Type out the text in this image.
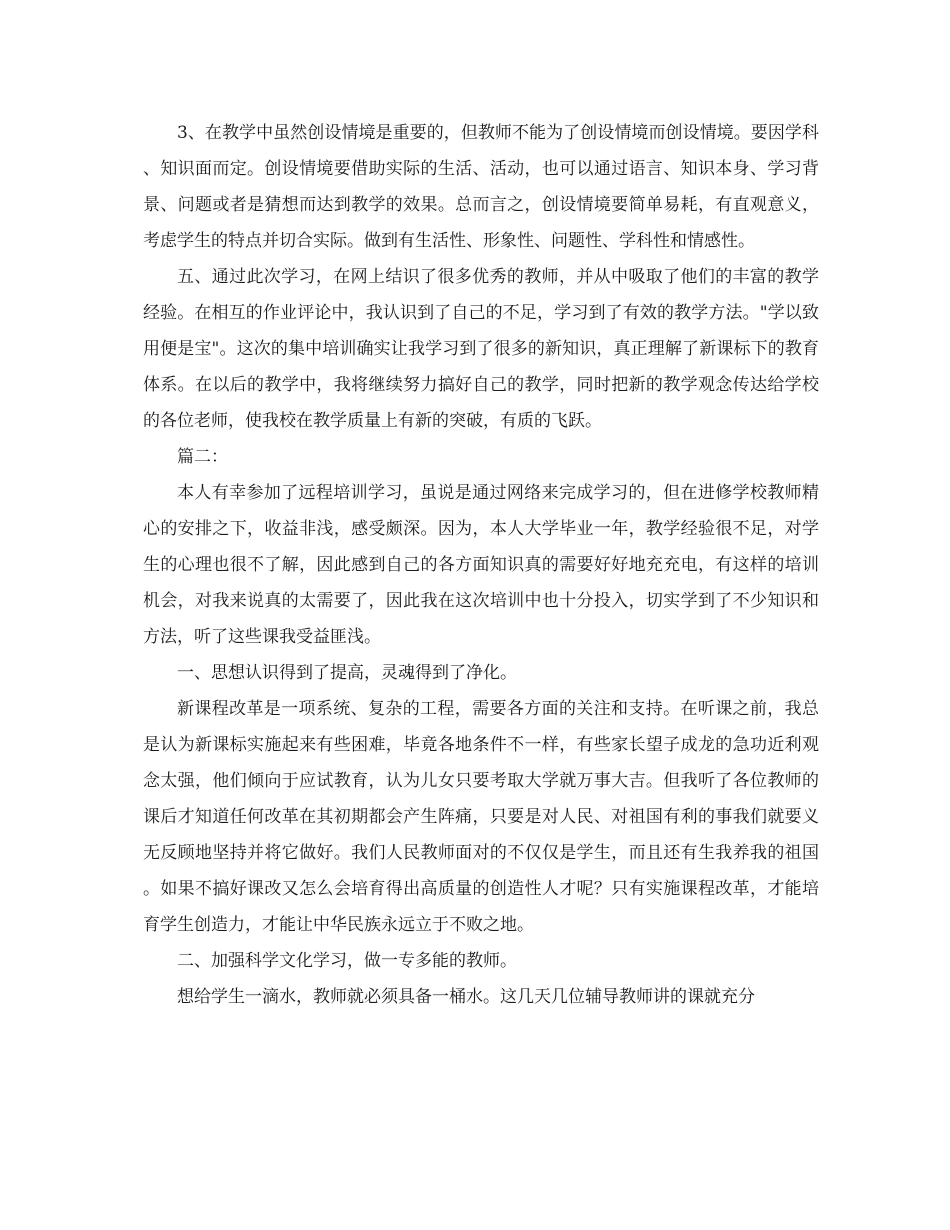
3、在教学中虽然创设情境是重要的，但教师不能为了创设情境而创设情境。要因学科、知识面而定。创设情境要借助实际的生活、活动，也可以通过语言、知识本身、学习背景、问题或者是猜想而达到教学的效果。总而言之，创设情境要简单易耗，有直观意义，考虑学生的特点并切合实际。做到有生活性、形象性、问题性、学科性和情感性。

五、通过此次学习，在网上结识了很多优秀的教师，并从中吸取了他们的丰富的教学经验。在相互的作业评论中，我认识到了自己的不足，学习到了有效的教学方法。"学以致用便是宝"。这次的集中培训确实让我学习到了很多的新知识，真正理解了新课标下的教育体系。在以后的教学中，我将继续努力搞好自己的教学，同时把新的教学观念传达给学校的各位老师，使我校在教学质量上有新的突破，有质的飞跃。

篇二：

本人有幸参加了远程培训学习，虽说是通过网络来完成学习的，但在进修学校教师精心的安排之下，收益非浅，感受颇深。因为，本人大学毕业一年，教学经验很不足，对学生的心理也很不了解，因此感到自己的各方面知识真的需要好好地充充电，有这样的培训机会，对我来说真的太需要了，因此我在这次培训中也十分投入，切实学到了不少知识和方法，听了这些课我受益匪浅。

一、思想认识得到了提高，灵魂得到了净化。

新课程改革是一项系统、复杂的工程，需要各方面的关注和支持。在听课之前，我总是认为新课标实施起来有些困难，毕竟各地条件不一样，有些家长望子成龙的急功近利观念太强，他们倾向于应试教育，认为儿女只要考取大学就万事大吉。但我听了各位教师的课后才知道任何改革在其初期都会产生阵痛，只要是对人民、对祖国有利的事我们就要义无反顾地坚持并将它做好。我们人民教师面对的不仅仅是学生，而且还有生我养我的祖国。如果不搞好课改又怎么会培育得出高质量的创造性人才呢？只有实施课程改革，才能培育学生创造力，才能让中华民族永远立于不败之地。

二、加强科学文化学习，做一专多能的教师。

想给学生一滴水，教师就必须具备一桶水。这几天几位辅导教师讲的课就充分
